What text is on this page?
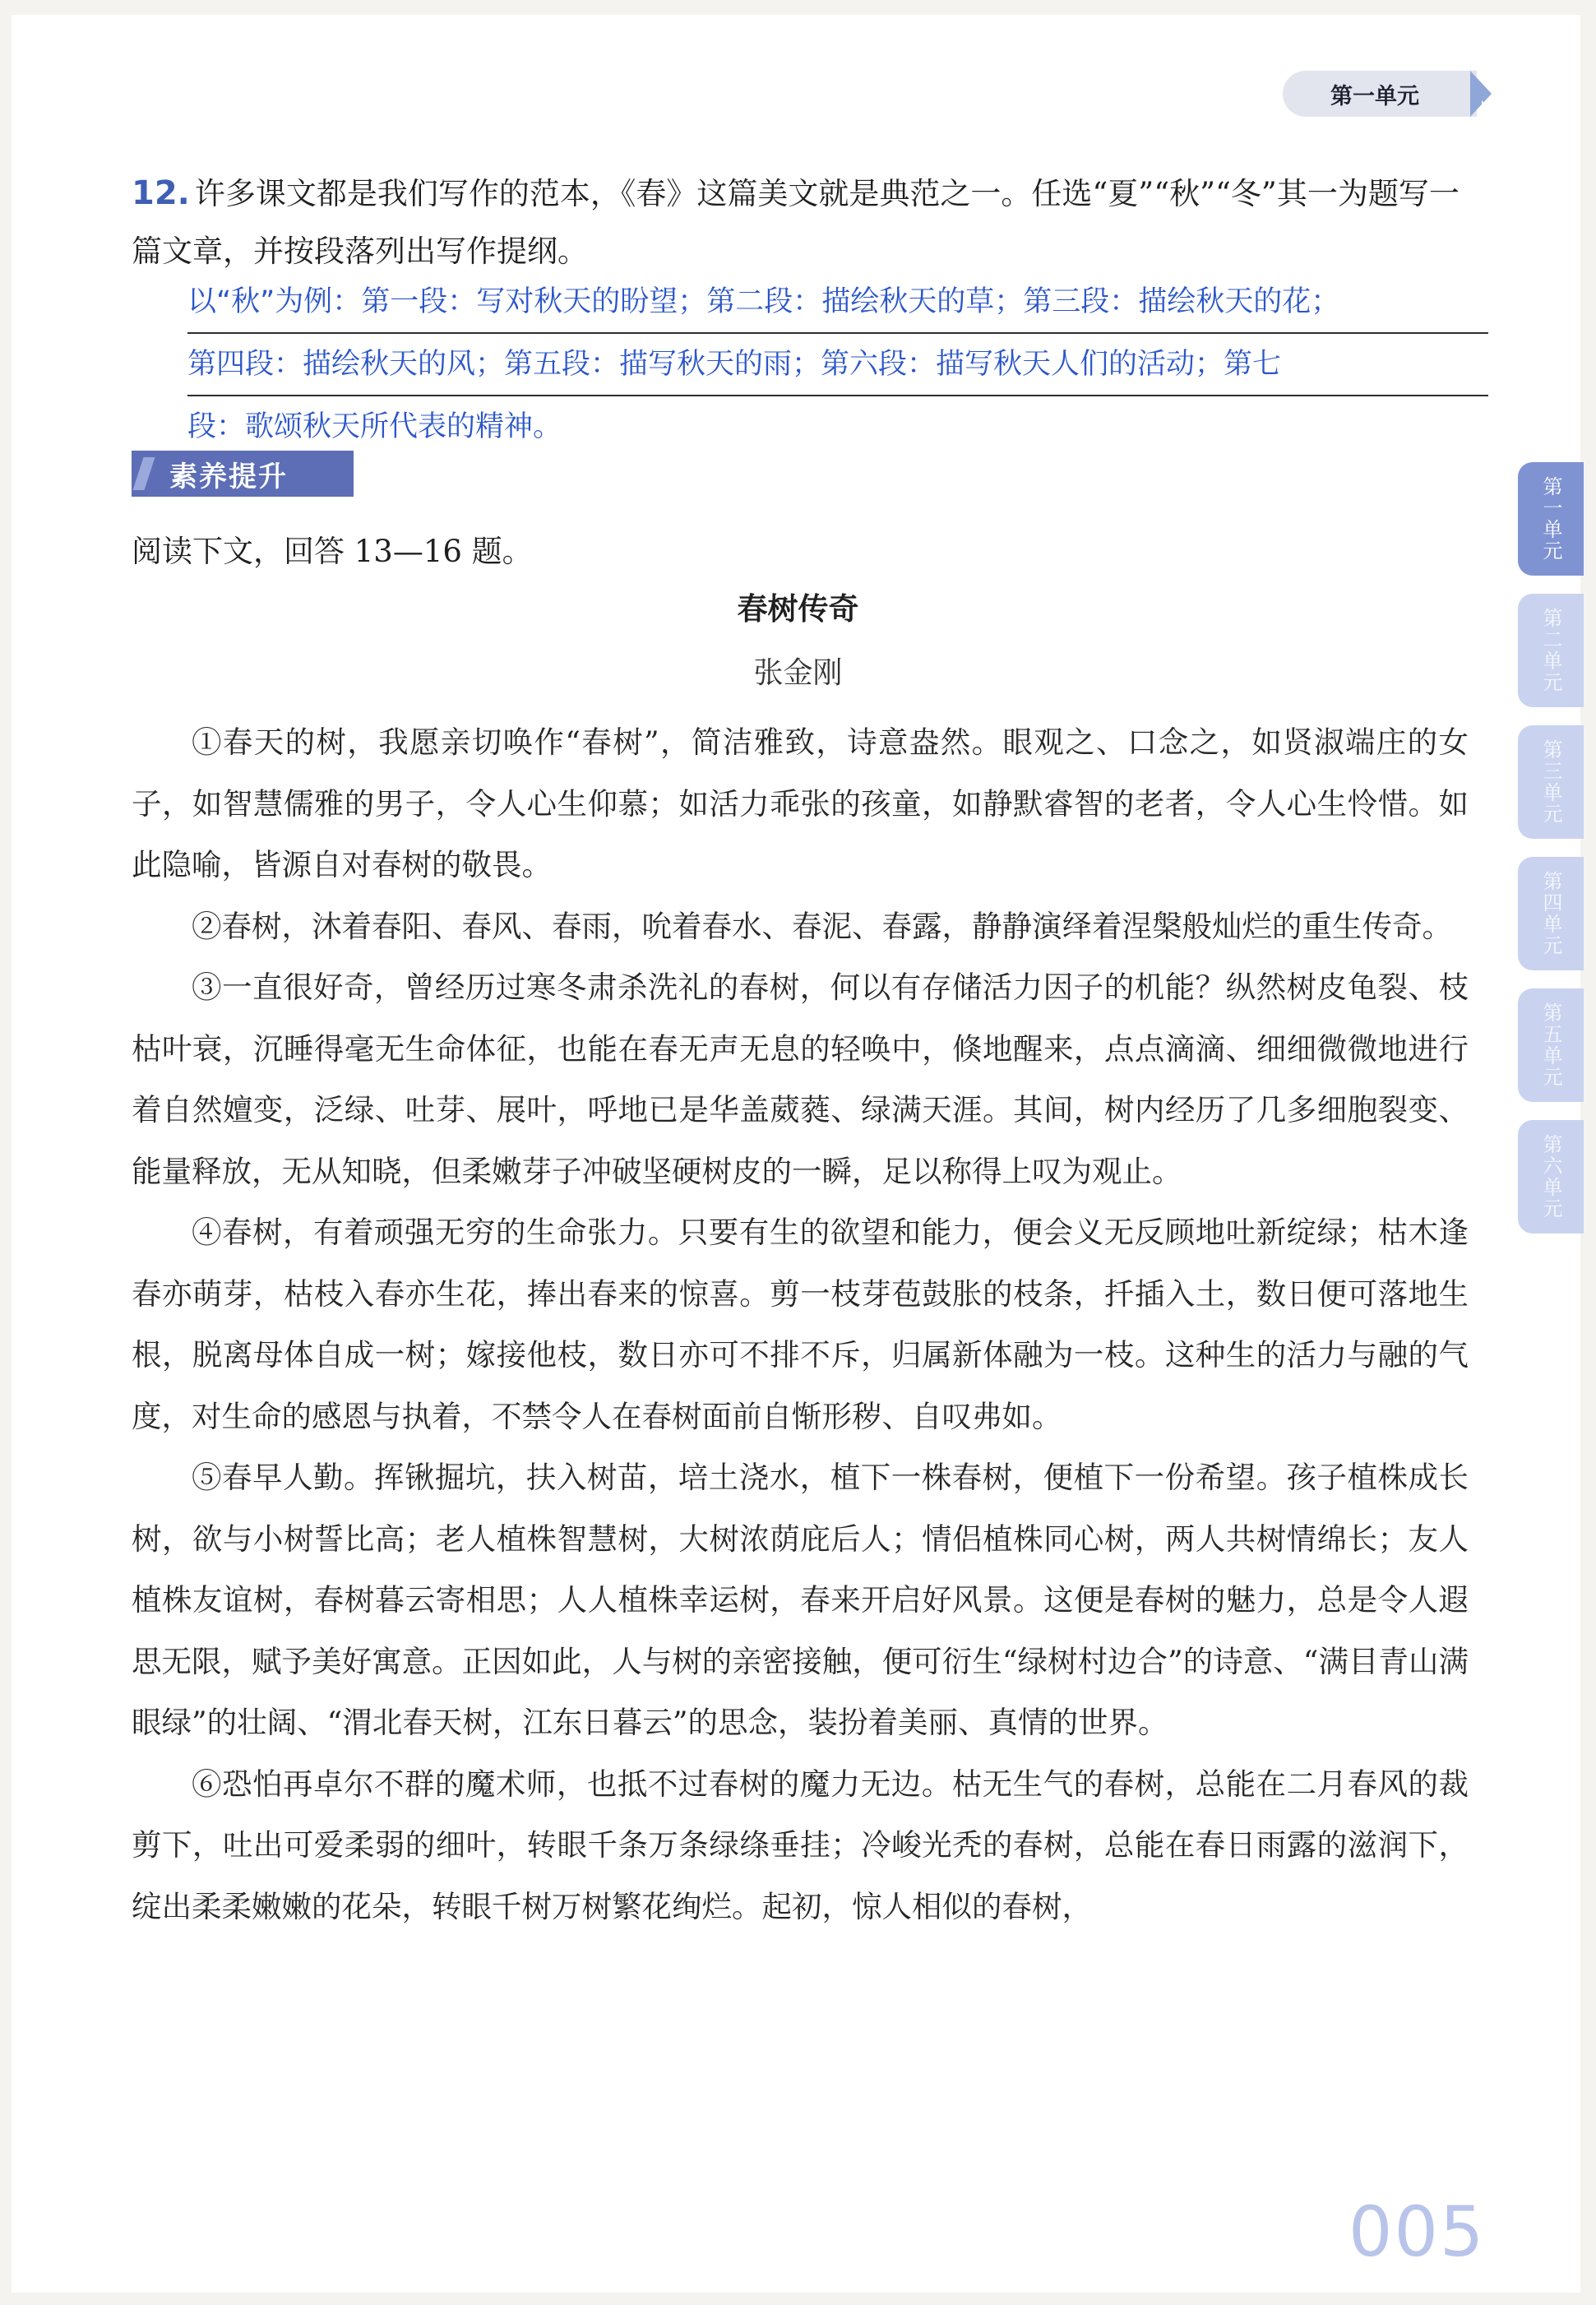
第一单元
第一单元
第二单元
第三单元
第四单元
第五单元
第六单元
12. 许多课文都是我们写作的范本，《春》这篇美文就是典范之一。任选“夏”“秋”“冬”其一为题写一篇文章，并按段落列出写作提纲。
以“秋”为例：第一段：写对秋天的盼望；第二段：描绘秋天的草；第三段：描绘秋天的花；
第四段：描绘秋天的风；第五段：描写秋天的雨；第六段：描写秋天人们的活动；第七
段：歌颂秋天所代表的精神。
素养提升
阅读下文，回答 13—16 题。
春树传奇
张金刚

①春天的树，我愿亲切唤作“春树”，简洁雅致，诗意盎然。眼观之、口念之，如贤淑端庄的女子，如智慧儒雅的男子，令人心生仰慕；如活力乖张的孩童，如静默睿智的老者，令人心生怜惜。如此隐喻，皆源自对春树的敬畏。

②春树，沐着春阳、春风、春雨，吮着春水、春泥、春露，静静演绎着涅槃般灿烂的重生传奇。

③一直很好奇，曾经历过寒冬肃杀洗礼的春树，何以有存储活力因子的机能？纵然树皮龟裂、枝枯叶衰，沉睡得毫无生命体征，也能在春无声无息的轻唤中，倏地醒来，点点滴滴、细细微微地进行着自然嬗变，泛绿、吐芽、展叶，呼地已是华盖葳蕤、绿满天涯。其间，树内经历了几多细胞裂变、能量释放，无从知晓，但柔嫩芽子冲破坚硬树皮的一瞬，足以称得上叹为观止。

④春树，有着顽强无穷的生命张力。只要有生的欲望和能力，便会义无反顾地吐新绽绿；枯木逢春亦萌芽，枯枝入春亦生花，捧出春来的惊喜。剪一枝芽苞鼓胀的枝条，扦插入土，数日便可落地生根，脱离母体自成一树；嫁接他枝，数日亦可不排不斥，归属新体融为一枝。这种生的活力与融的气度，对生命的感恩与执着，不禁令人在春树面前自惭形秽、自叹弗如。

⑤春早人勤。挥锹掘坑，扶入树苗，培土浇水，植下一株春树，便植下一份希望。孩子植株成长树，欲与小树誓比高；老人植株智慧树，大树浓荫庇后人；情侣植株同心树，两人共树情绵长；友人植株友谊树，春树暮云寄相思；人人植株幸运树，春来开启好风景。这便是春树的魅力，总是令人遐思无限，赋予美好寓意。正因如此，人与树的亲密接触，便可衍生“绿树村边合”的诗意、“满目青山满眼绿”的壮阔、“渭北春天树，江东日暮云”的思念，装扮着美丽、真情的世界。

⑥恐怕再卓尔不群的魔术师，也抵不过春树的魔力无边。枯无生气的春树，总能在二月春风的裁剪下，吐出可爱柔弱的细叶，转眼千条万条绿绦垂挂；冷峻光秃的春树，总能在春日雨露的滋润下，绽出柔柔嫩嫩的花朵，转眼千树万树繁花绚烂。起初，惊人相似的春树，

005
